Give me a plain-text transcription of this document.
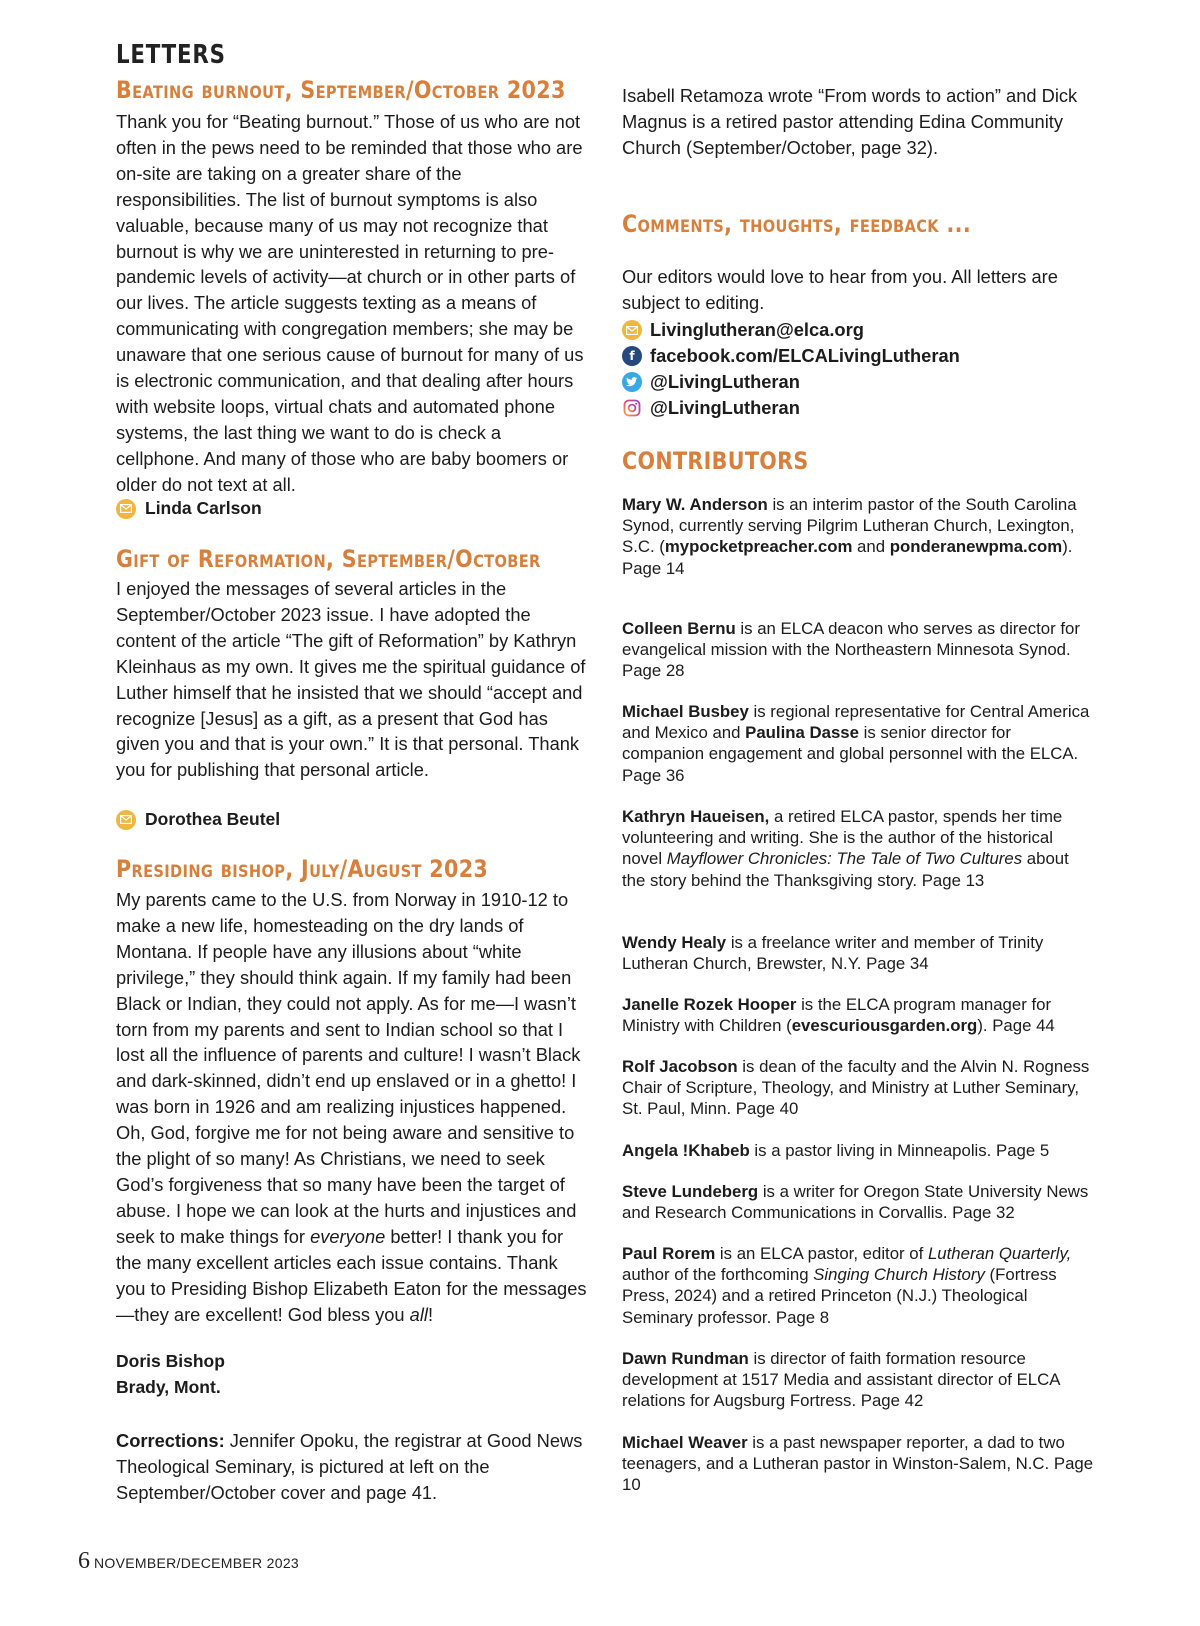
LETTERS
Beating burnout, September/October 2023

Thank you for “Beating burnout.” Those of us who are not often in the pews need to be reminded that those who are on-site are taking on a greater share of the responsibilities. The list of burnout symptoms is also valuable, because many of us may not recognize that burnout is why we are uninterested in returning to pre-pandemic levels of activity—at church or in other parts of our lives. The article suggests texting as a means of communicating with congregation members; she may be unaware that one serious cause of burnout for many of us is electronic communication, and that dealing after hours with website loops, virtual chats and automated phone systems, the last thing we want to do is check a cellphone. And many of those who are baby boomers or older do not text at all.

Linda Carlson
Gift of Reformation, September/October

I enjoyed the messages of several articles in the September/October 2023 issue. I have adopted the content of the article “The gift of Reformation” by Kathryn Kleinhaus as my own. It gives me the spiritual guidance of Luther himself that he insisted that we should “accept and recognize [Jesus] as a gift, as a present that God has given you and that is your own.” It is that personal. Thank you for publishing that personal article.

Dorothea Beutel
Presiding bishop, July/August 2023

My parents came to the U.S. from Norway in 1910-12 to make a new life, homesteading on the dry lands of Montana. If people have any illusions about “white privilege,” they should think again. If my family had been Black or Indian, they could not apply. As for me—I wasn’t torn from my parents and sent to Indian school so that I lost all the influence of parents and culture! I wasn’t Black and dark-skinned, didn’t end up enslaved or in a ghetto! I was born in 1926 and am realizing injustices happened. Oh, God, forgive me for not being aware and sensitive to the plight of so many! As Christians, we need to seek God’s forgiveness that so many have been the target of abuse. I hope we can look at the hurts and injustices and seek to make things for everyone better! I thank you for the many excellent articles each issue contains. Thank you to Presiding Bishop Elizabeth Eaton for the messages—they are excellent! God bless you all!

Doris Bishop
Brady, Mont.

Corrections: Jennifer Opoku, the registrar at Good News Theological Seminary, is pictured at left on the September/October cover and page 41.

Isabell Retamoza wrote “From words to action” and Dick Magnus is a retired pastor attending Edina Community Church (September/October, page 32).

Comments, thoughts, feedback ...

Our editors would love to hear from you. All letters are subject to editing.

Livinglutheran@elca.org
f facebook.com/ELCALivingLutheran
@LivingLutheran
@LivingLutheran
CONTRIBUTORS

Mary W. Anderson is an interim pastor of the South Carolina Synod, currently serving Pilgrim Lutheran Church, Lexington, S.C. (mypocketpreacher.com and ponderanewpma.com). Page 14

Colleen Bernu is an ELCA deacon who serves as director for evangelical mission with the Northeastern Minnesota Synod. Page 28

Michael Busbey is regional representative for Central America and Mexico and Paulina Dasse is senior director for companion engagement and global personnel with the ELCA. Page 36

Kathryn Haueisen, a retired ELCA pastor, spends her time volunteering and writing. She is the author of the historical novel Mayflower Chronicles: The Tale of Two Cultures about the story behind the Thanksgiving story. Page 13

Wendy Healy is a freelance writer and member of Trinity Lutheran Church, Brewster, N.Y. Page 34

Janelle Rozek Hooper is the ELCA program manager for Ministry with Children (evescuriousgarden.org). Page 44

Rolf Jacobson is dean of the faculty and the Alvin N. Rogness Chair of Scripture, Theology, and Ministry at Luther Seminary, St. Paul, Minn. Page 40

Angela !Khabeb is a pastor living in Minneapolis. Page 5

Steve Lundeberg is a writer for Oregon State University News and Research Communications in Corvallis. Page 32

Paul Rorem is an ELCA pastor, editor of Lutheran Quarterly, author of the forthcoming Singing Church History (Fortress Press, 2024) and a retired Princeton (N.J.) Theological Seminary professor. Page 8

Dawn Rundman is director of faith formation resource development at 1517 Media and assistant director of ELCA relations for Augsburg Fortress. Page 42

Michael Weaver is a past newspaper reporter, a dad to two teenagers, and a Lutheran pastor in Winston-Salem, N.C. Page 10

6 NOVEMBER/DECEMBER 2023
